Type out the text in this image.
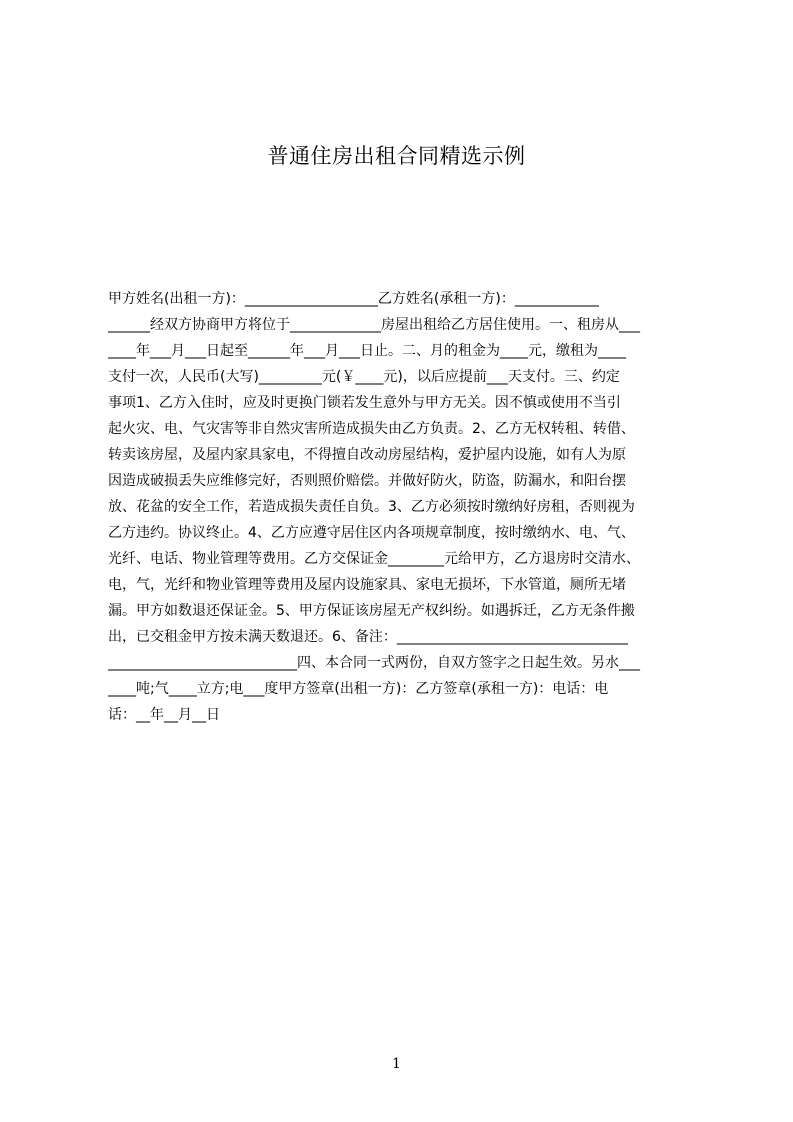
普通住房出租合同精选示例
甲方姓名(出租一方)：___________________乙方姓名(承租一方)：____________
______经双方协商甲方将位于_____________房屋出租给乙方居住使用。一、租房从___
____年___月___日起至______年___月___日止。二、月的租金为____元，缴租为____
支付一次，人民币(大写)_________元(￥____元)，以后应提前___天支付。三、约定
事项1、乙方入住时，应及时更换门锁若发生意外与甲方无关。因不慎或使用不当引
起火灾、电、气灾害等非自然灾害所造成损失由乙方负责。2、乙方无权转租、转借、
转卖该房屋，及屋内家具家电，不得擅自改动房屋结构，爱护屋内设施，如有人为原
因造成破损丢失应维修完好，否则照价赔偿。并做好防火，防盗，防漏水，和阳台摆
放、花盆的安全工作，若造成损失责任自负。3、乙方必须按时缴纳好房租，否则视为
乙方违约。协议终止。4、乙方应遵守居住区内各项规章制度，按时缴纳水、电、气、
光纤、电话、物业管理等费用。乙方交保证金________元给甲方，乙方退房时交清水、
电，气，光纤和物业管理等费用及屋内设施家具、家电无损坏，下水管道，厕所无堵
漏。甲方如数退还保证金。5、甲方保证该房屋无产权纠纷。如遇拆迁，乙方无条件搬
出，已交租金甲方按未满天数退还。6、备注：_________________________________
___________________________四、本合同一式两份，自双方签字之日起生效。另水___
____吨;气____立方;电___度甲方签章(出租一方)：乙方签章(承租一方)：电话：电
话：__年__月__日
1
